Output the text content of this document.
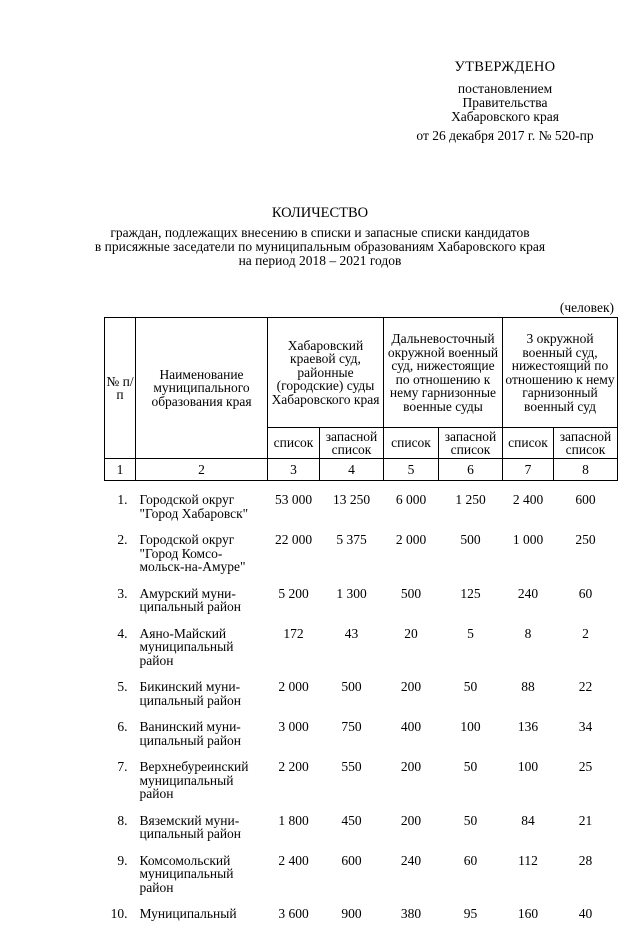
УТВЕРЖДЕНО
постановлением
Правительства
Хабаровского края
от 26 декабря 2017 г. № 520-пр
КОЛИЧЕСТВО
граждан, подлежащих внесению в списки и запасные списки кандидатов
в присяжные заседатели по муниципальным образованиям Хабаровского края
на период 2018 – 2021 годов
(человек)
№ п/п	Наименование муниципального образования края	Хабаровский краевой суд, районные (городские) суды Хабаровского края		Дальневосточный окружной военный суд, нижестоящие по отношению к нему гарнизонные военные суды		3 окружной военный суд, нижестоящий по отношению к нему гарнизонный военный суд	
		список	запасной список	список	запасной список	список	запасной список
1	2	3	4	5	6	7	8

1.	Городской округ "Город Хабаровск"	53 000	13 250	6 000	1 250	2 400	600
2.	Городской округ "Город Комсо-мольск-на-Амуре"	22 000	5 375	2 000	500	1 000	250
3.	Амурский муни-ципальный район	5 200	1 300	500	125	240	60
4.	Аяно-Майский муниципальный район	172	43	20	5	8	2
5.	Бикинский муни-ципальный район	2 000	500	200	50	88	22
6.	Ванинский муни-ципальный район	3 000	750	400	100	136	34
7.	Верхнебуреинский муниципальный район	2 200	550	200	50	100	25
8.	Вяземский муни-ципальный район	1 800	450	200	50	84	21
9.	Комсомольский муниципальный район	2 400	600	240	60	112	28
10.	Муниципальный	3 600	900	380	95	160	40
